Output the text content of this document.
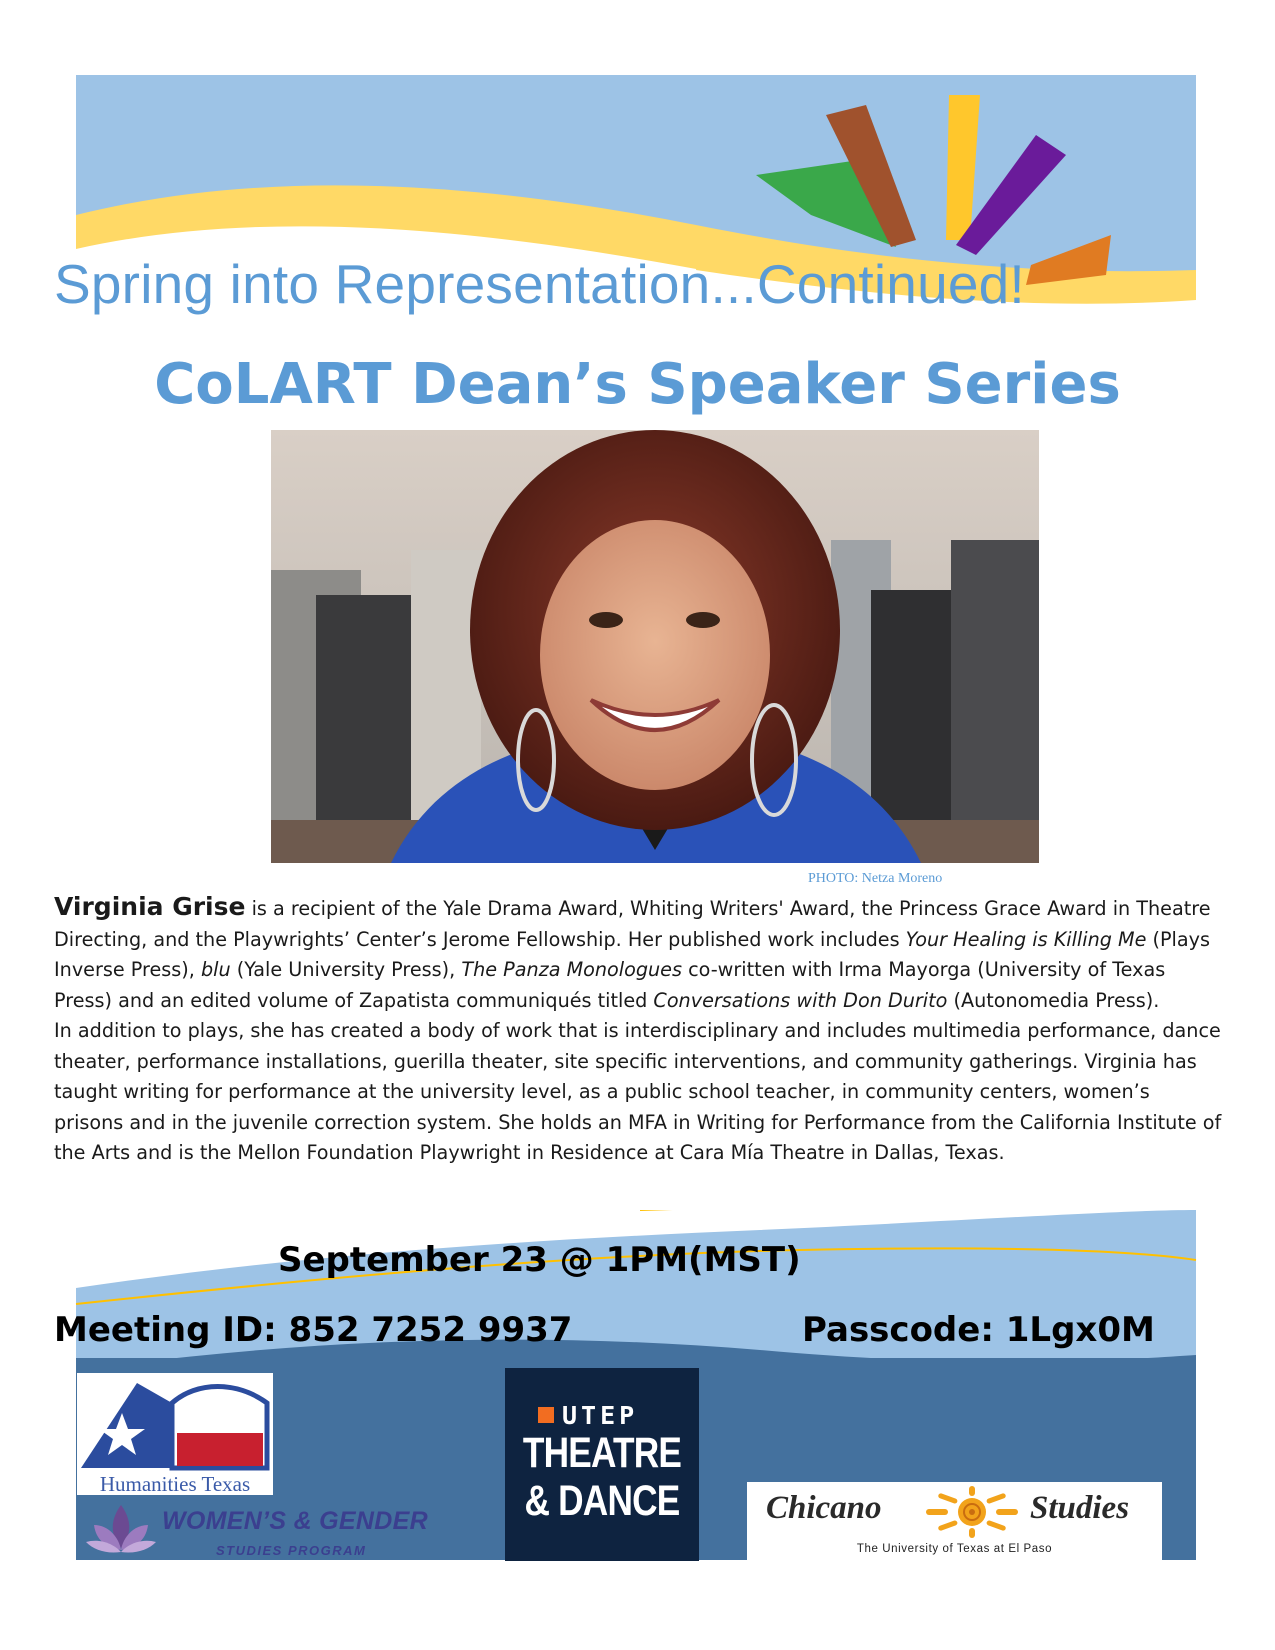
Spring into Representation...Continued!
CoLART Dean’s Speaker Series
PHOTO: Netza Moreno

Virginia Grise is a recipient of the Yale Drama Award, Whiting Writers' Award, the Princess Grace Award in Theatre Directing, and the Playwrights’ Center’s Jerome Fellowship. Her published work includes Your Healing is Killing Me (Plays Inverse Press), blu (Yale University Press), The Panza Monologues co-written with Irma Mayorga (University of Texas Press) and an edited volume of Zapatista communiqués titled Conversations with Don Durito (Autonomedia Press).

In addition to plays, she has created a body of work that is interdisciplinary and includes multimedia performance, dance theater, performance installations, guerilla theater, site specific interventions, and community gatherings. Virginia has taught writing for performance at the university level, as a public school teacher, in community centers, women’s prisons and in the juvenile correction system. She holds an MFA in Writing for Performance from the California Institute of the Arts and is the Mellon Foundation Playwright in Residence at Cara Mía Theatre in Dallas, Texas.

September 23 @ 1PM(MST)
Meeting ID: 852 7252 9937	Passcode: 1Lgx0M
Humanities Texas
WOMEN’S & GENDER
STUDIES PROGRAM
UTEP
THEATRE
& DANCE	Chicano	Studies
The University of Texas at El Paso
